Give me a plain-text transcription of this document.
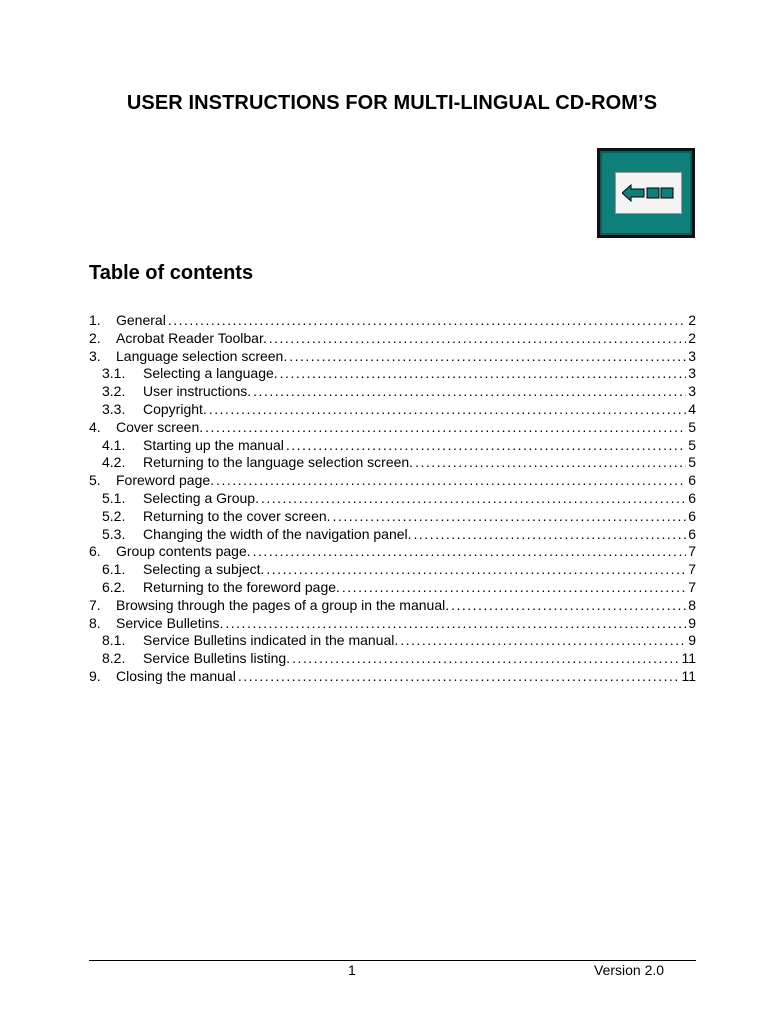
USER INSTRUCTIONS FOR MULTI-LINGUAL CD-ROM’S
Table of contents
1.	General .....	2
2.	Acrobat Reader Toolbar. .....	2
3.	Language selection screen. .....	3
3.1.	Selecting a language. .....	3
3.2.	User instructions. .....	3
3.3.	Copyright. .....	4
4.	Cover screen. .....	5
4.1.	Starting up the manual .....	5
4.2.	Returning to the language selection screen. .....	5
5.	Foreword page. .....	6
5.1.	Selecting a Group. .....	6
5.2.	Returning to the cover screen. .....	6
5.3.	Changing the width of the navigation panel. .....	6
6.	Group contents page. .....	7
6.1.	Selecting a subject. .....	7
6.2.	Returning to the foreword page. .....	7
7.	Browsing through the pages of a group in the manual. .....	8
8.	Service Bulletins. .....	9
8.1.	Service Bulletins indicated in the manual. .....	9
8.2.	Service Bulletins listing. .....	11
9.	Closing the manual .....	11
1	Version 2.0
